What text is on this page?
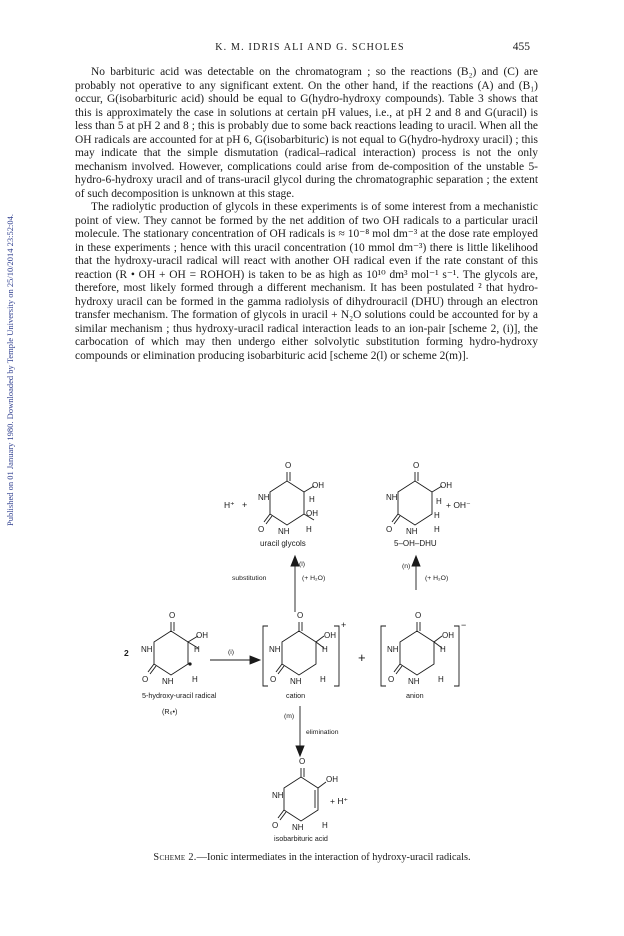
Published on 01 January 1980. Downloaded by Temple University on 25/10/2014 23:52:04.
K. M. IDRIS ALI AND G. SCHOLES	455

No barbituric acid was detectable on the chromatogram ; so the reactions (B₂) and (C) are probably not operative to any significant extent. On the other hand, if the reactions (A) and (B₁) occur, G(isobarbituric acid) should be equal to G(hydro-hydroxy compounds). Table 3 shows that this is approximately the case in solutions at certain pH values, i.e., at pH 2 and 8 and G(uracil) is less than 5 at pH 2 and 8 ; this is probably due to some back reactions leading to uracil. When all the OH radicals are accounted for at pH 6, G(isobarbituric) is not equal to G(hydro-hydroxy uracil) ; this may indicate that the simple dismutation (radical–radical interaction) process is not the only mechanism involved. However, complications could arise from de-composition of the unstable 5-hydro-6-hydroxy uracil and of trans-uracil glycol during the chromatographic separation ; the extent of such decomposition is unknown at this stage.

The radiolytic production of glycols in these experiments is of some interest from a mechanistic point of view. They cannot be formed by the net addition of two OH radicals to a particular uracil molecule. The stationary concentration of OH radicals is ≈ 10⁻⁸ mol dm⁻³ at the dose rate employed in these experiments ; hence with this uracil concentration (10 mmol dm⁻³) there is little likelihood that the hydroxy-uracil radical will react with another OH radical even if the rate constant of this reaction (R • OH + OH = ROHOH) is taken to be as high as 10¹⁰ dm³ mol⁻¹ s⁻¹. The glycols are, therefore, most likely formed through a different mechanism. It has been postulated ² that hydro-hydroxy uracil can be formed in the gamma radiolysis of dihydrouracil (DHU) through an electron transfer mechanism. The formation of glycols in uracil + N₂O solutions could be accounted for by a similar mechanism ; thus hydroxy-uracil radical interaction leads to an ion-pair [scheme 2, (i)], the carbocation of which may then undergo either solvolytic substitution forming hydro-hydroxy compounds or elimination producing isobarbituric acid [scheme 2(l) or scheme 2(m)].

O
OH
H
OH
H
NH
NH
O
H⁺ +
uracil glycols
O
OH
H
H
H
NH
NH
O
+ OH⁻
5–OH–DHU
substitution
(l)
(+ H₂O)
(n)
(+ H₂O)
O
OH
H
H
NH
NH
O
2
5-hydroxy-uracil radical
(R₆•)
(i)
O
OH
H
H
NH
NH
O
+
cation
+
O
OH
H
H
NH
NH
O
−
anion
(m)
elimination
O
OH
H
NH
NH
O
+ H⁺
isobarbituric acid
Scheme 2.—Ionic intermediates in the interaction of hydroxy-uracil radicals.
